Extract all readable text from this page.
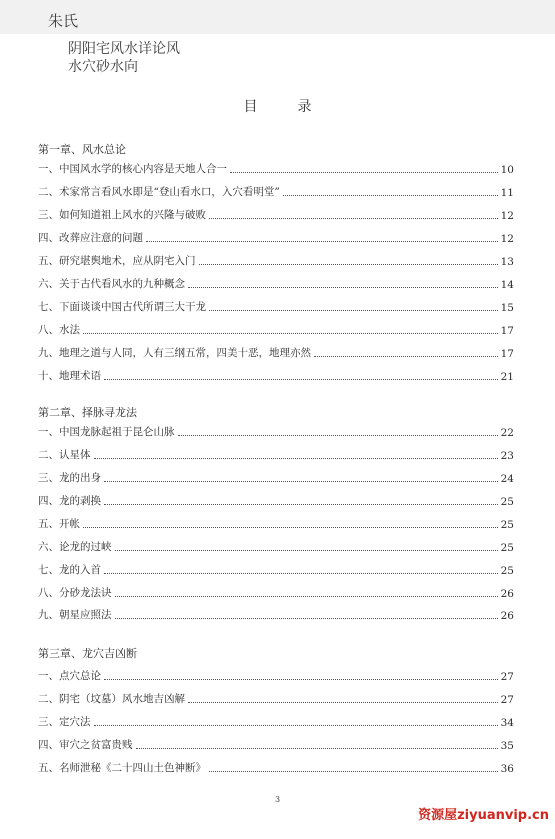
朱氏
阴阳宅风水详论风
水穴砂水向
目录
第一章、风水总论
一、中国风水学的核心内容是天地人合一	10
二、术家常言看风水即是“登山看水口，入穴看明堂”	11
三、如何知道祖上风水的兴隆与破败	12
四、改葬应注意的问题	12
五、研究堪舆地术，应从阴宅入门	13
六、关于古代看风水的九种概念	14
七、下面谈谈中国古代所谓三大干龙	15
八、水法	17
九、地理之道与人同，人有三纲五常，四美十恶，地理亦然	17
十、地理术语	21
第二章、择脉寻龙法
一、中国龙脉起祖于昆仑山脉	22
二、认星体	23
三、龙的出身	24
四、龙的剥换	25
五、开帐	25
六、论龙的过峡	25
七、龙的入首	25
八、分砂龙法诀	26
九、朝星应照法	26
第三章、龙穴吉凶断
一、点穴总论	27
二、阴宅（坟墓）风水地吉凶解	27
三、定穴法	34
四、审穴之贫富贵贱	35
五、名师泄秘《二十四山土色神断》	36
3
资源屋ziyuanvip.cn
